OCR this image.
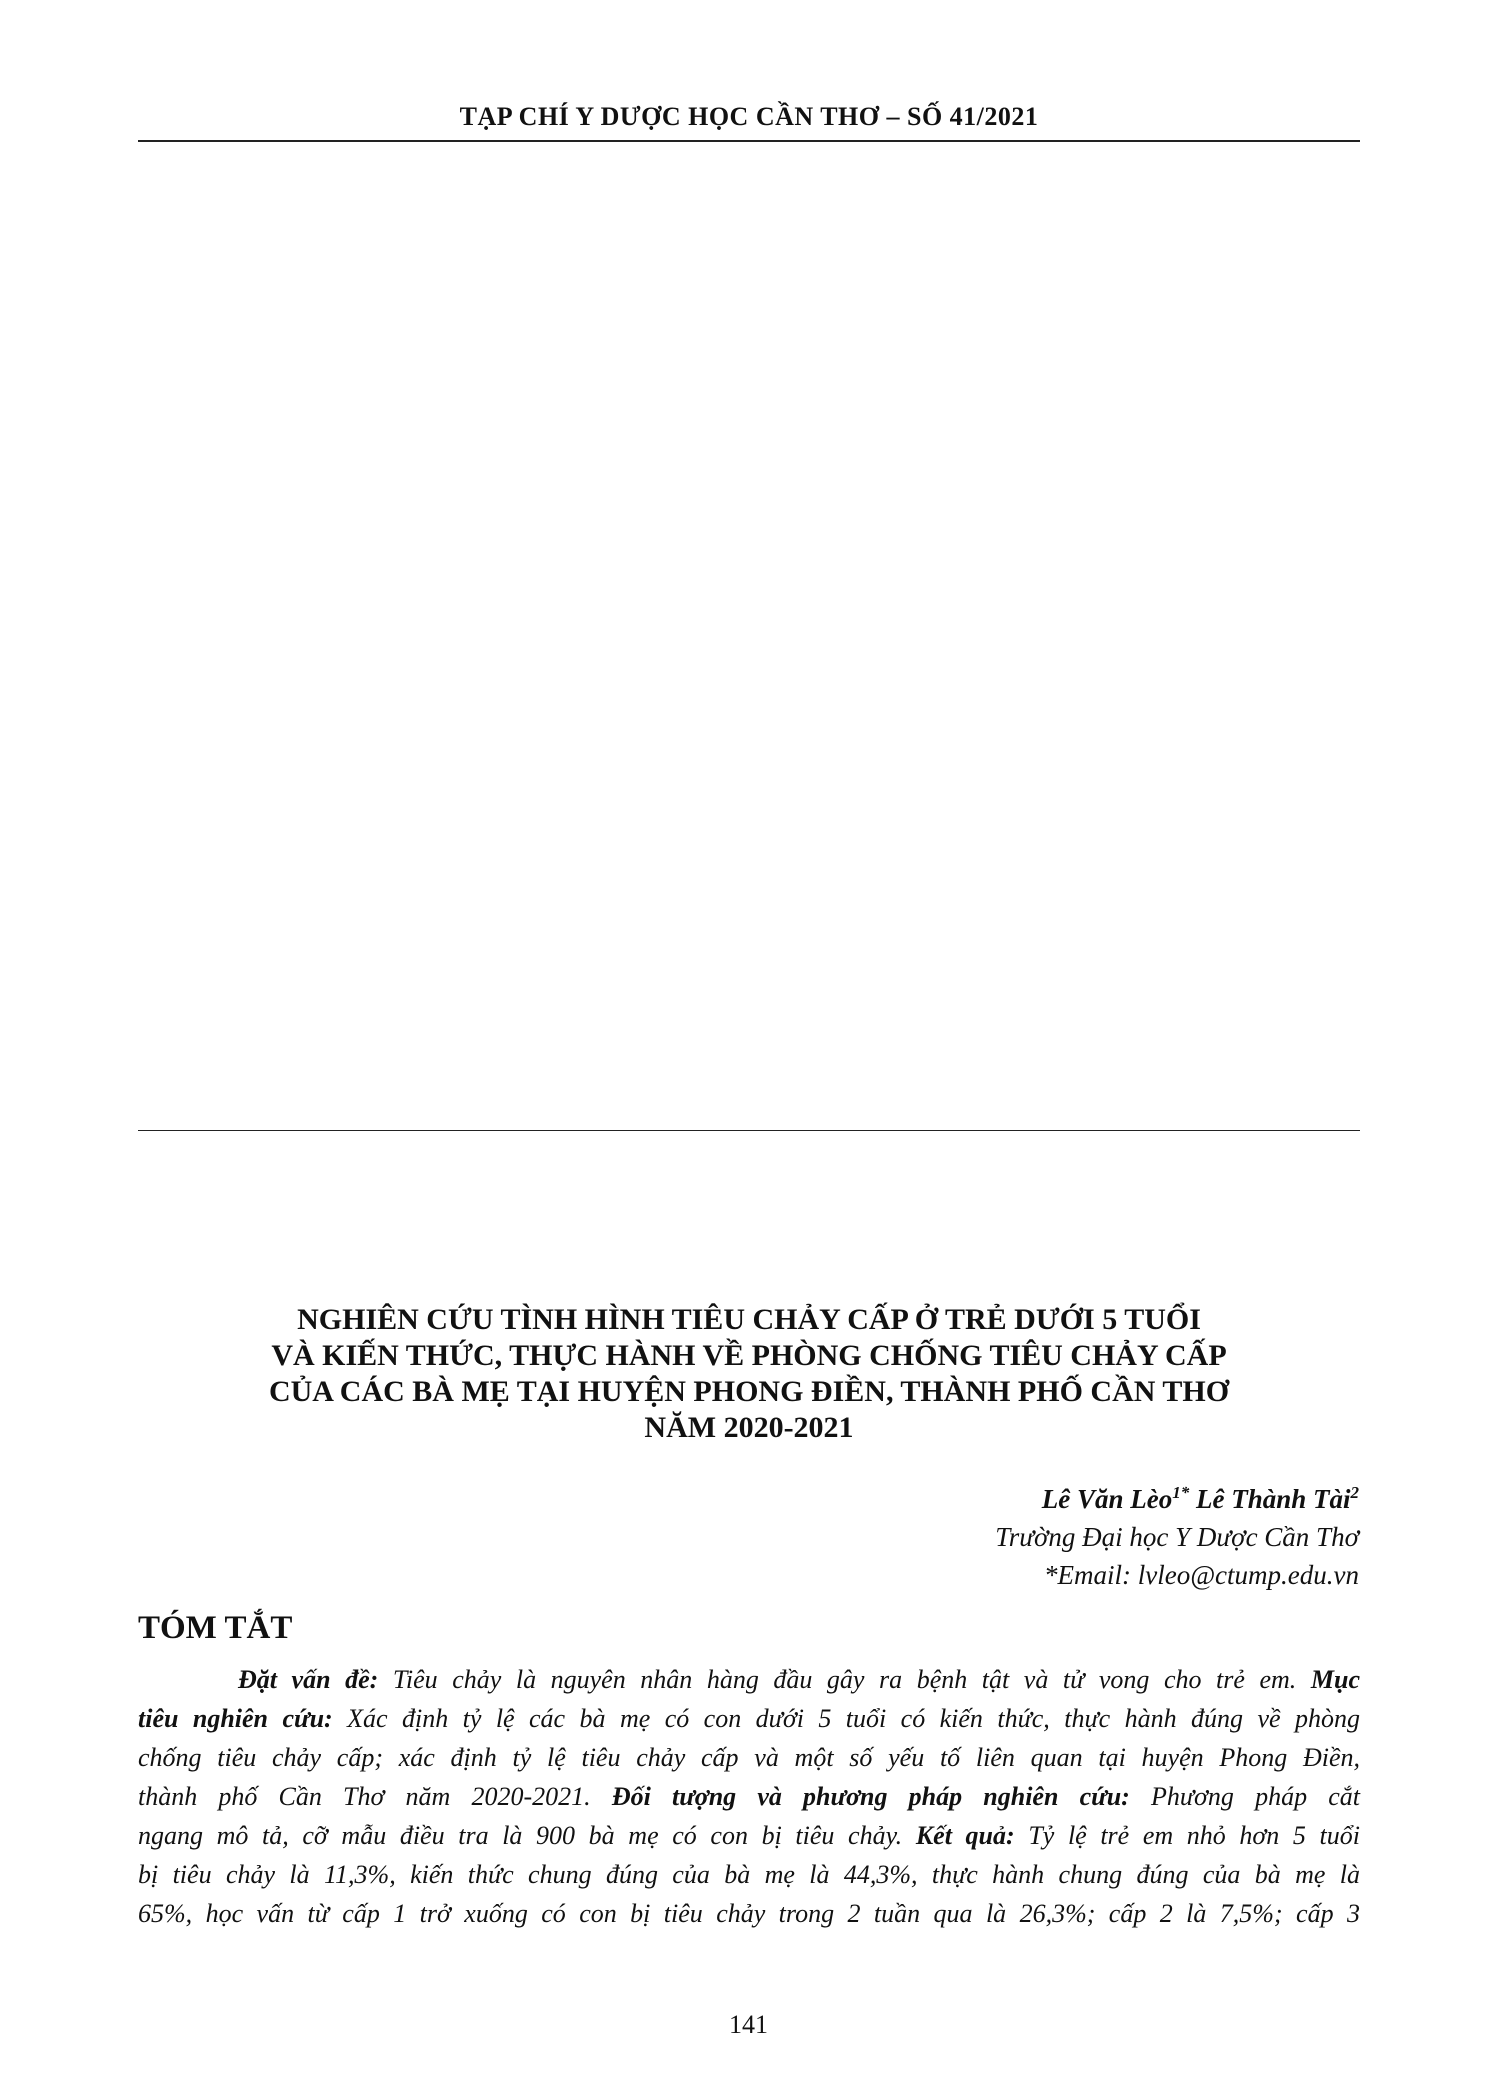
TẠP CHÍ Y DƯỢC HỌC CẦN THƠ – SỐ 41/2021
NGHIÊN CỨU TÌNH HÌNH TIÊU CHẢY CẤP Ở TRẺ DƯỚI 5 TUỔI
VÀ KIẾN THỨC, THỰC HÀNH VỀ PHÒNG CHỐNG TIÊU CHẢY CẤP
CỦA CÁC BÀ MẸ TẠI HUYỆN PHONG ĐIỀN, THÀNH PHỐ CẦN THƠ
NĂM 2020-2021
Lê Văn Lèo$^{1*}$ Lê Thành Tài$^2$
Trường Đại học Y Dược Cần Thơ
*Email: lvleo@ctump.edu.vn
TÓM TẮT
Đặt vấn đề: Tiêu chảy là nguyên nhân hàng đầu gây ra bệnh tật và tử vong cho trẻ em. Mục
tiêu nghiên cứu: Xác định tỷ lệ các bà mẹ có con dưới 5 tuổi có kiến thức, thực hành đúng về phòng
chống tiêu chảy cấp; xác định tỷ lệ tiêu chảy cấp và một số yếu tố liên quan tại huyện Phong Điền,
thành phố Cần Thơ năm 2020-2021. Đối tượng và phương pháp nghiên cứu: Phương pháp cắt
ngang mô tả, cỡ mẫu điều tra là 900 bà mẹ có con bị tiêu chảy. Kết quả: Tỷ lệ trẻ em nhỏ hơn 5 tuổi
bị tiêu chảy là 11,3%, kiến thức chung đúng của bà mẹ là 44,3%, thực hành chung đúng của bà mẹ là
65%, học vấn từ cấp 1 trở xuống có con bị tiêu chảy trong 2 tuần qua là 26,3%; cấp 2 là 7,5%; cấp 3
141
